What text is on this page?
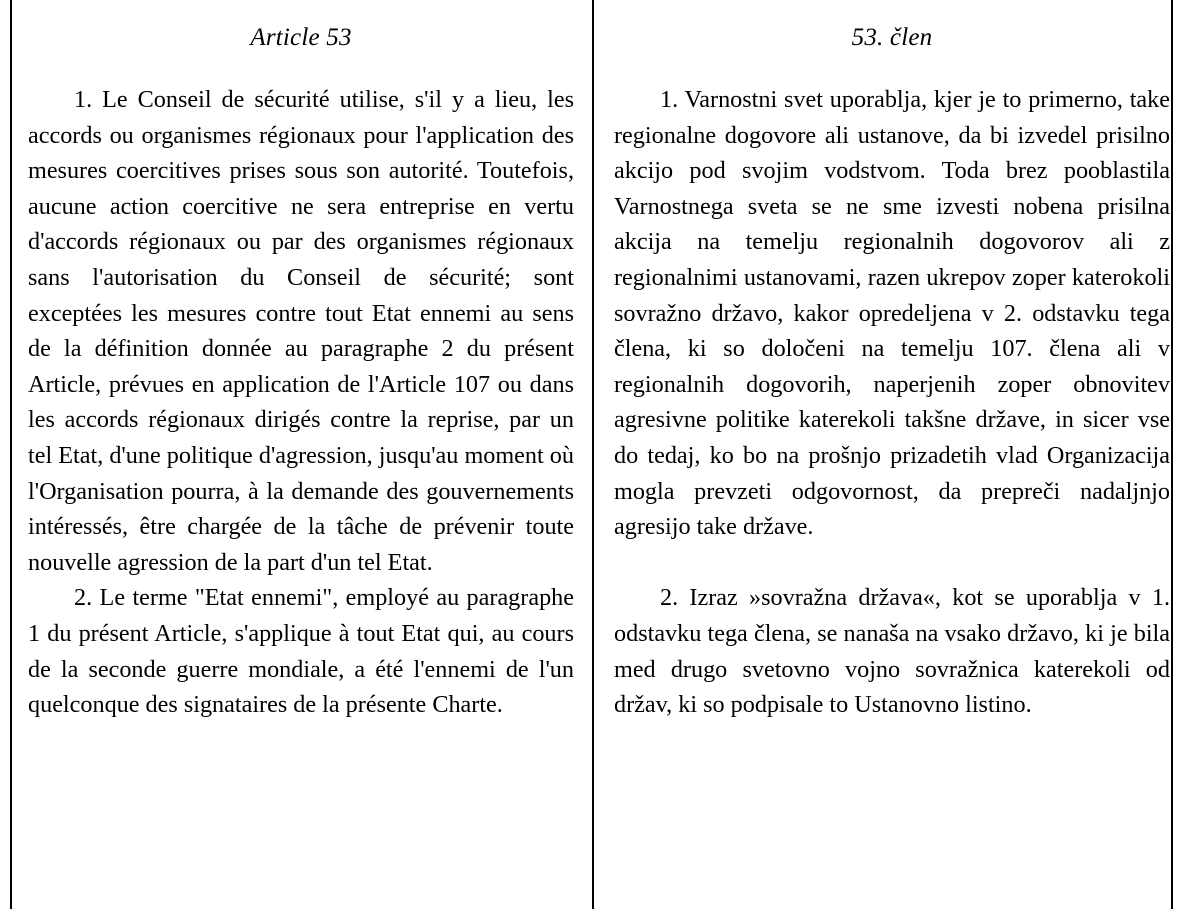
Article 53

1. Le Conseil de sécurité utilise, s'il y a lieu, les accords ou organismes régionaux pour l'application des mesures coercitives prises sous son autorité. Toutefois, aucune action coercitive ne sera entreprise en vertu d'accords régionaux ou par des organismes régionaux sans l'autorisation du Conseil de sécurité; sont exceptées les mesures contre tout Etat ennemi au sens de la définition donnée au paragraphe 2 du présent Article, prévues en application de l'Article 107 ou dans les accords régionaux dirigés contre la reprise, par un tel Etat, d'une politique d'agression, jusqu'au moment où l'Organisation pourra, à la demande des gouvernements intéressés, être chargée de la tâche de prévenir toute nouvelle agression de la part d'un tel Etat.

2. Le terme "Etat ennemi", employé au paragraphe 1 du présent Article, s'applique à tout Etat qui, au cours de la seconde guerre mondiale, a été l'ennemi de l'un quelconque des signataires de la présente Charte.

53. člen

1. Varnostni svet uporablja, kjer je to primerno, take regionalne dogovore ali ustanove, da bi izvedel prisilno akcijo pod svojim vodstvom. Toda brez pooblastila Varnostnega sveta se ne sme izvesti nobena prisilna akcija na temelju regionalnih dogovorov ali z regionalnimi ustanovami, razen ukrepov zoper katerokoli sovražno državo, kakor opredeljena v 2. odstavku tega člena, ki so določeni na temelju 107. člena ali v regionalnih dogovorih, naperjenih zoper obnovitev agresivne politike katerekoli takšne države, in sicer vse do tedaj, ko bo na prošnjo prizadetih vlad Organizacija mogla prevzeti odgovornost, da prepreči nadaljnjo agresijo take države.

2. Izraz »sovražna država«, kot se uporablja v 1. odstavku tega člena, se nanaša na vsako državo, ki je bila med drugo svetovno vojno sovražnica katerekoli od držav, ki so podpisale to Ustanovno listino.
